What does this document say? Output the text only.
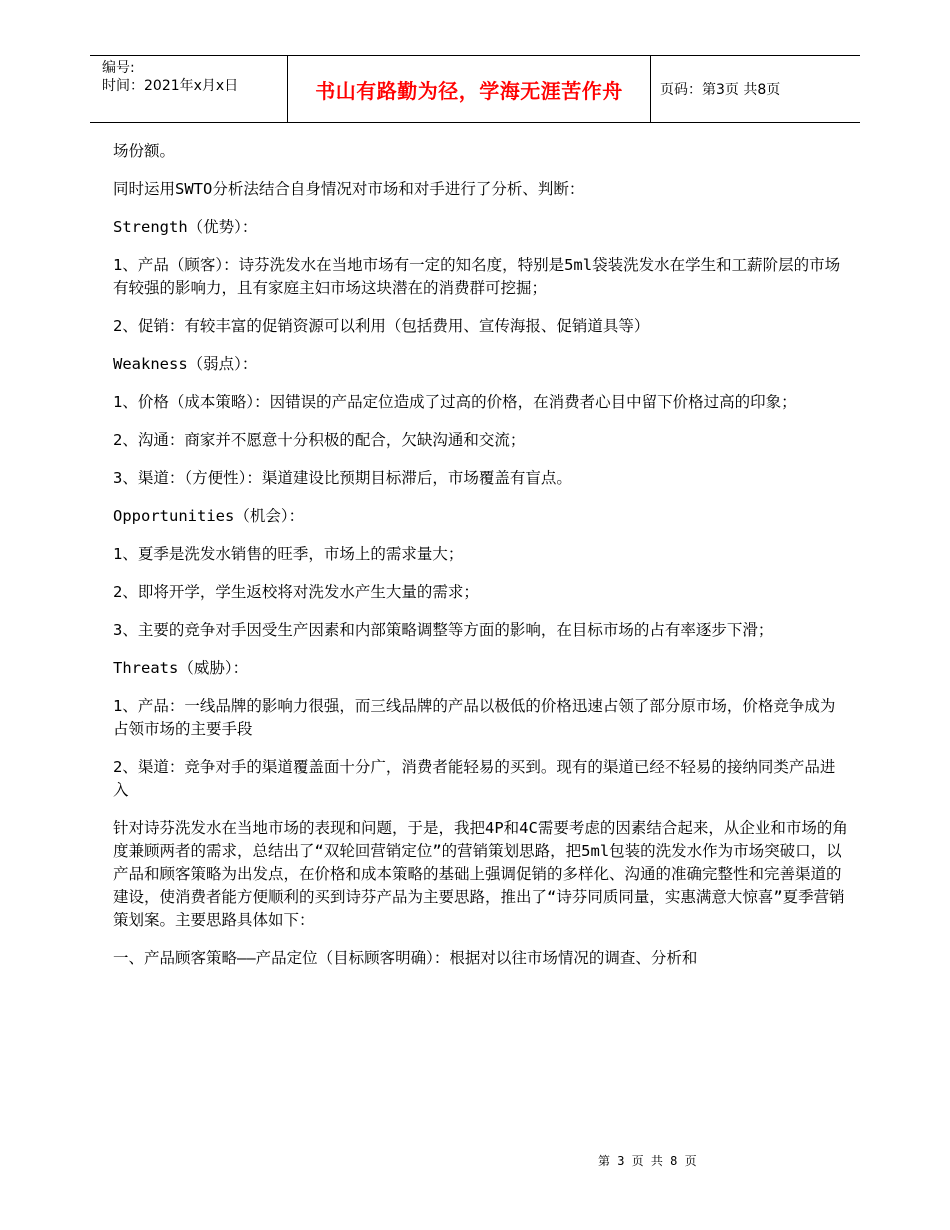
编号:
时间：2021年x月x日	书山有路勤为径，学海无涯苦作舟	页码：第3页 共8页

场份额。

同时运用SWTO分析法结合自身情况对市场和对手进行了分析、判断：

Strength（优势）：

1、产品（顾客）：诗芬洗发水在当地市场有一定的知名度，特别是5ml袋装洗发水在学生和工薪阶层的市场有较强的影响力，且有家庭主妇市场这块潜在的消费群可挖掘；

2、促销：有较丰富的促销资源可以利用（包括费用、宣传海报、促销道具等）

Weakness（弱点）：

1、价格（成本策略）：因错误的产品定位造成了过高的价格，在消费者心目中留下价格过高的印象；

2、沟通：商家并不愿意十分积极的配合，欠缺沟通和交流；

3、渠道：（方便性）：渠道建设比预期目标滞后，市场覆盖有盲点。

Opportunities（机会）：

1、夏季是洗发水销售的旺季，市场上的需求量大；

2、即将开学，学生返校将对洗发水产生大量的需求；

3、主要的竞争对手因受生产因素和内部策略调整等方面的影响，在目标市场的占有率逐步下滑；

Threats（威胁）：

1、产品：一线品牌的影响力很强，而三线品牌的产品以极低的价格迅速占领了部分原市场，价格竞争成为占领市场的主要手段

2、渠道：竞争对手的渠道覆盖面十分广，消费者能轻易的买到。现有的渠道已经不轻易的接纳同类产品进入

针对诗芬洗发水在当地市场的表现和问题，于是，我把4P和4C需要考虑的因素结合起来，从企业和市场的角度兼顾两者的需求，总结出了“双轮回营销定位”的营销策划思路，把5ml包装的洗发水作为市场突破口，以产品和顾客策略为出发点，在价格和成本策略的基础上强调促销的多样化、沟通的准确完整性和完善渠道的建设，使消费者能方便顺利的买到诗芬产品为主要思路，推出了“诗芬同质同量，实惠满意大惊喜”夏季营销策划案。主要思路具体如下：

一、产品顾客策略——产品定位（目标顾客明确）：根据对以往市场情况的调查、分析和

第 3 页 共 8 页
